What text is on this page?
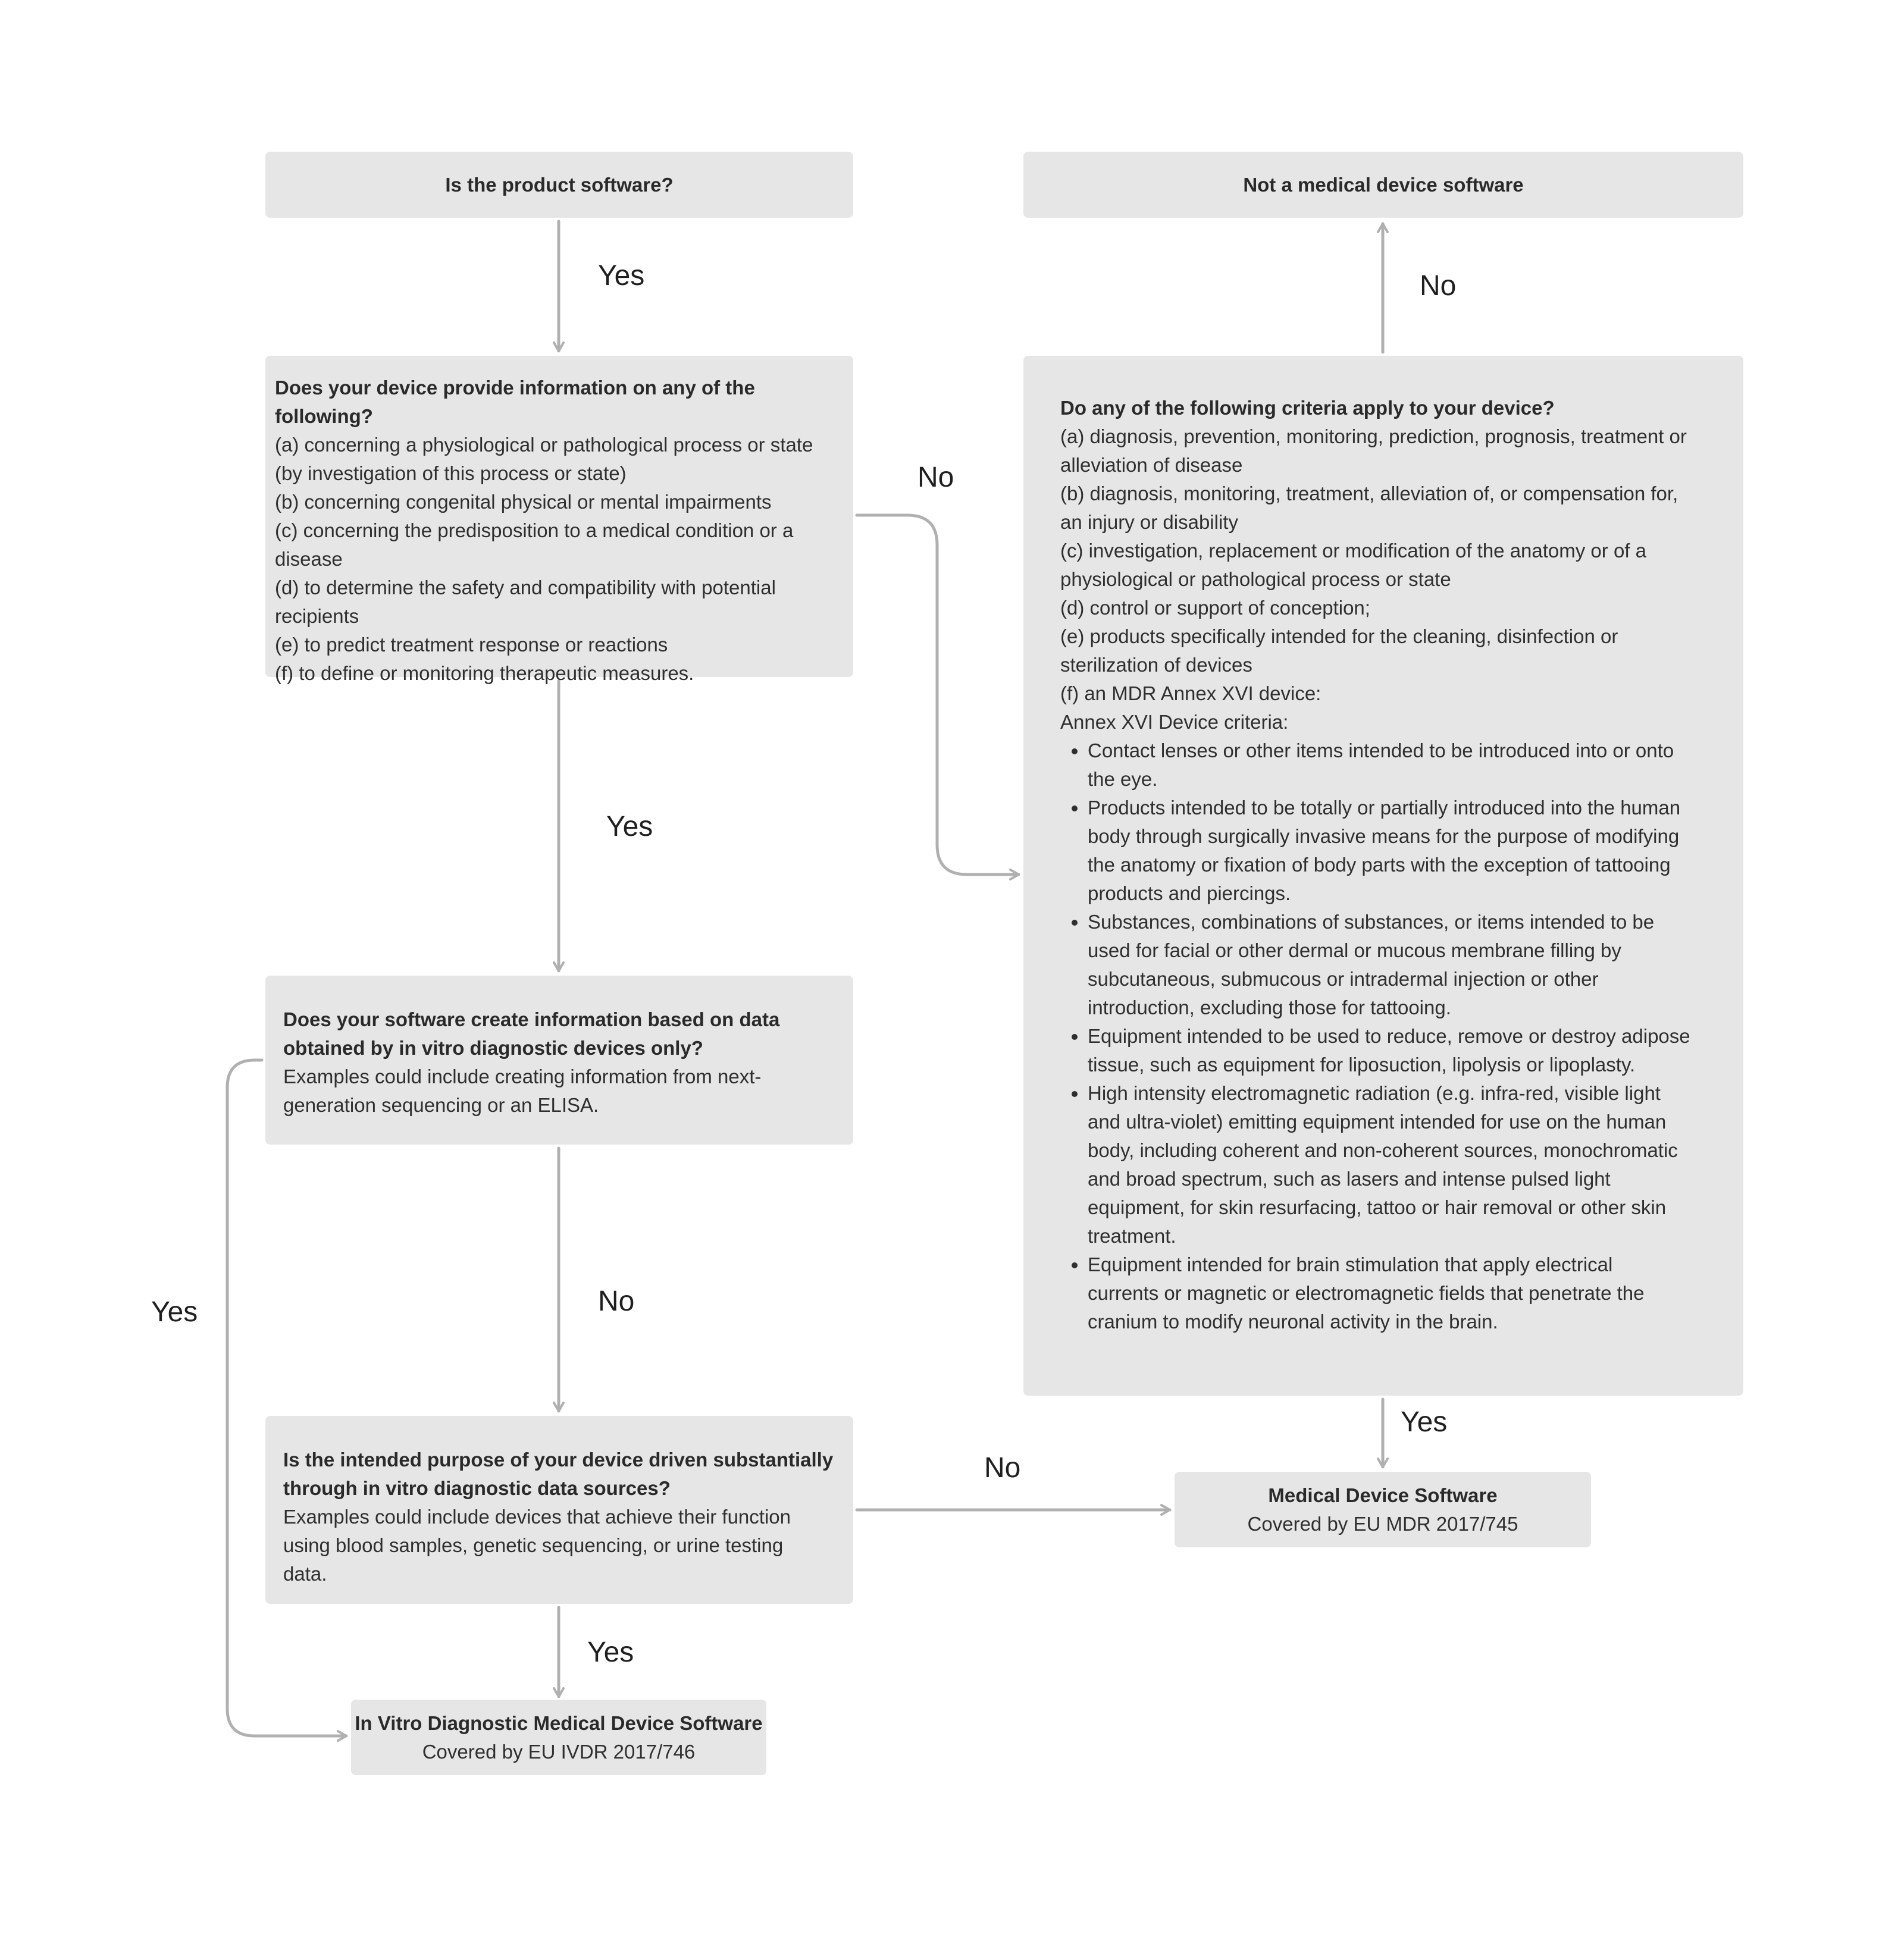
Is the product software?	Not a medical device software
Does your device provide information on any of the following?
(a) concerning a physiological or pathological process or state
(by investigation of this process or state)
(b) concerning congenital physical or mental impairments
(c) concerning the predisposition to a medical condition or a
disease
(d) to determine the safety and compatibility with potential
recipients
(e) to predict treatment response or reactions
(f) to define or monitoring therapeutic measures.
Do any of the following criteria apply to your device?
(a) diagnosis, prevention, monitoring, prediction, prognosis, treatment or
alleviation of disease
(b) diagnosis, monitoring, treatment, alleviation of, or compensation for,
an injury or disability
(c) investigation, replacement or modification of the anatomy or of a
physiological or pathological process or state
(d) control or support of conception;
(e) products specifically intended for the cleaning, disinfection or
sterilization of devices
(f) an MDR Annex XVI device:
Annex XVI Device criteria:
• Contact lenses or other items intended to be introduced into or onto
the eye.
• Products intended to be totally or partially introduced into the human
body through surgically invasive means for the purpose of modifying
the anatomy or fixation of body parts with the exception of tattooing
products and piercings.
• Substances, combinations of substances, or items intended to be
used for facial or other dermal or mucous membrane filling by
subcutaneous, submucous or intradermal injection or other
introduction, excluding those for tattooing.
• Equipment intended to be used to reduce, remove or destroy adipose
tissue, such as equipment for liposuction, lipolysis or lipoplasty.
• High intensity electromagnetic radiation (e.g. infra-red, visible light
and ultra-violet) emitting equipment intended for use on the human
body, including coherent and non-coherent sources, monochromatic
and broad spectrum, such as lasers and intense pulsed light
equipment, for skin resurfacing, tattoo or hair removal or other skin
treatment.
• Equipment intended for brain stimulation that apply electrical
currents or magnetic or electromagnetic fields that penetrate the
cranium to modify neuronal activity in the brain.
Does your software create information based on data
obtained by in vitro diagnostic devices only?
Examples could include creating information from next-
generation sequencing or an ELISA.
Is the intended purpose of your device driven substantially
through in vitro diagnostic data sources?
Examples could include devices that achieve their function
using blood samples, genetic sequencing, or urine testing
data.
Medical Device Software
Covered by EU MDR 2017/745
In Vitro Diagnostic Medical Device Software
Covered by EU IVDR 2017/746
Yes	No
No
Yes
Yes	No
Yes
No
Yes
